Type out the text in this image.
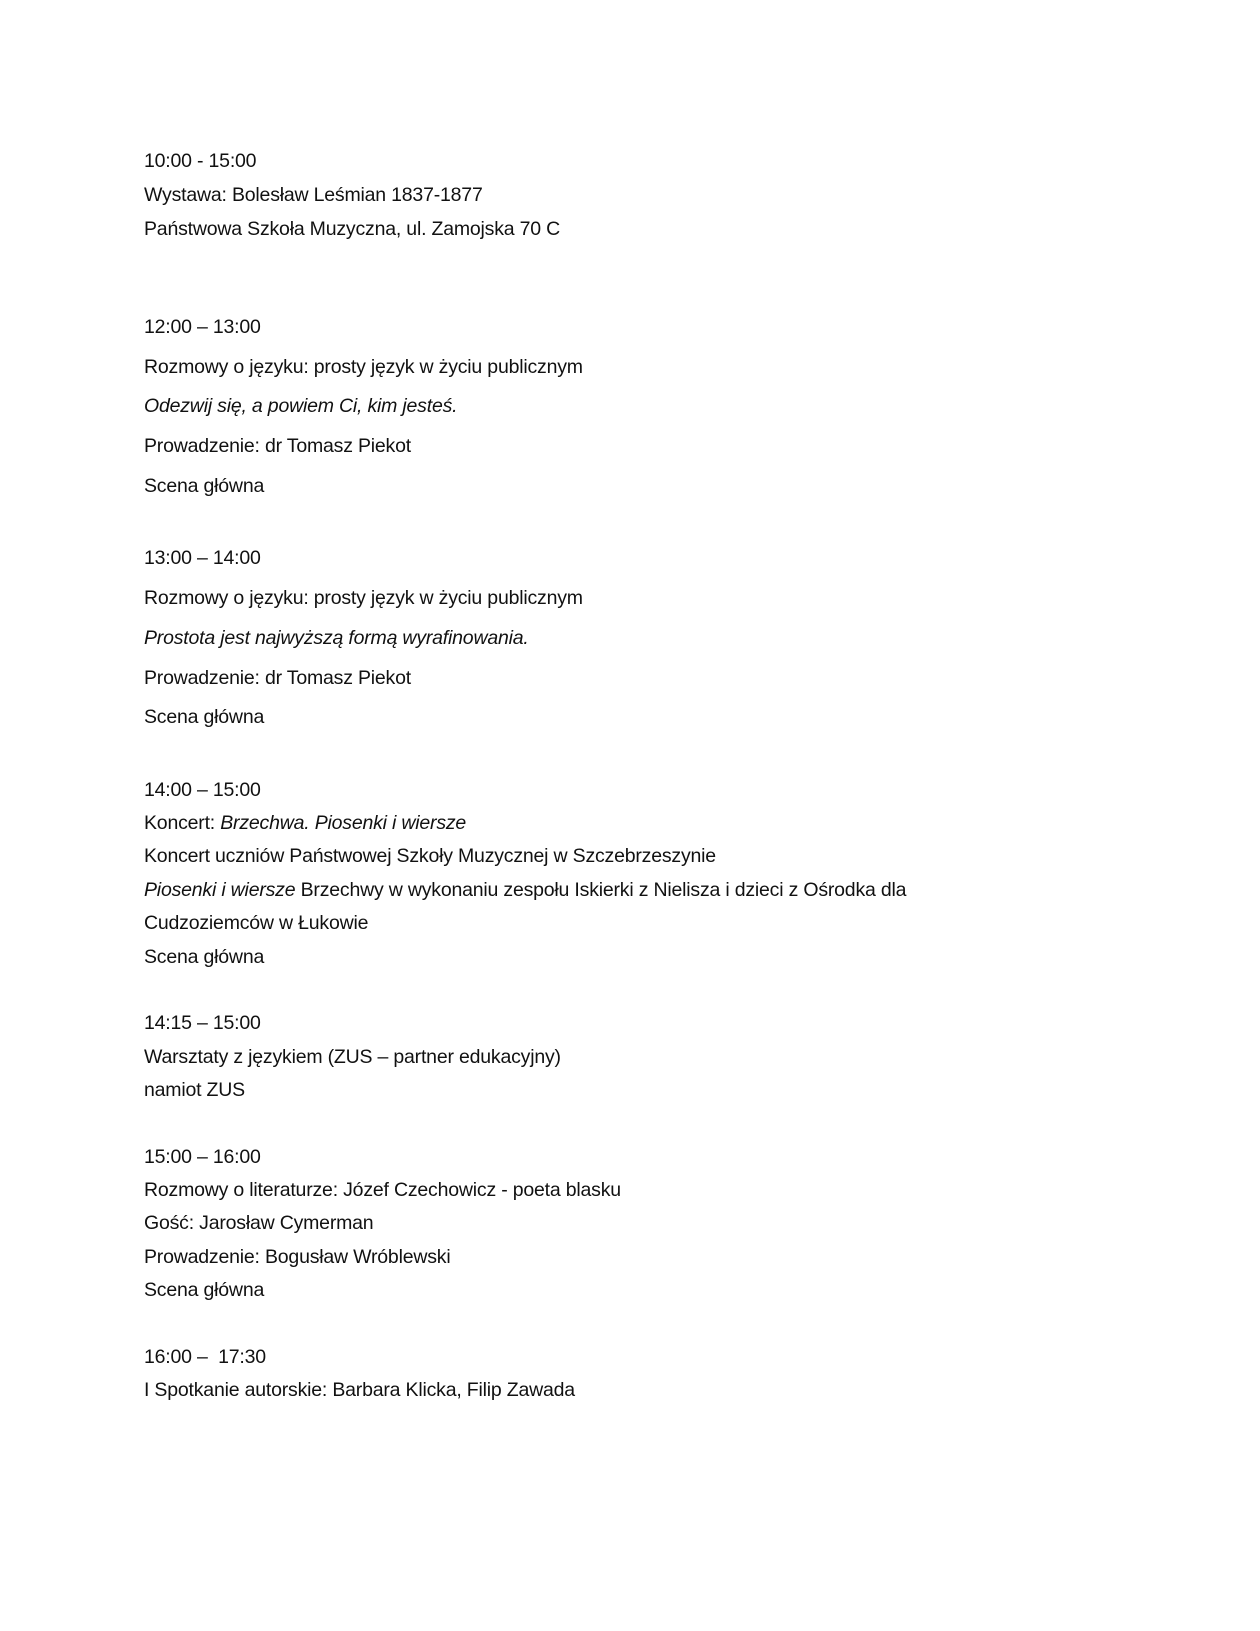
10:00 - 15:00
Wystawa: Bolesław Leśmian 1837-1877
Państwowa Szkoła Muzyczna, ul. Zamojska 70 C
12:00 – 13:00
Rozmowy o języku: prosty język w życiu publicznym
Odezwij się, a powiem Ci, kim jesteś.
Prowadzenie: dr Tomasz Piekot
Scena główna
13:00 – 14:00
Rozmowy o języku: prosty język w życiu publicznym
Prostota jest najwyższą formą wyrafinowania.
Prowadzenie: dr Tomasz Piekot
Scena główna
14:00 – 15:00
Koncert: Brzechwa. Piosenki i wiersze
Koncert uczniów Państwowej Szkoły Muzycznej w Szczebrzeszynie
Piosenki i wiersze Brzechwy w wykonaniu zespołu Iskierki z Nielisza i dzieci z Ośrodka dla
Cudzoziemców w Łukowie
Scena główna
14:15 – 15:00
Warsztaty z językiem (ZUS – partner edukacyjny)
namiot ZUS
15:00 – 16:00
Rozmowy o literaturze: Józef Czechowicz - poeta blasku
Gość: Jarosław Cymerman
Prowadzenie: Bogusław Wróblewski
Scena główna
16:00 –  17:30
I Spotkanie autorskie: Barbara Klicka, Filip Zawada
